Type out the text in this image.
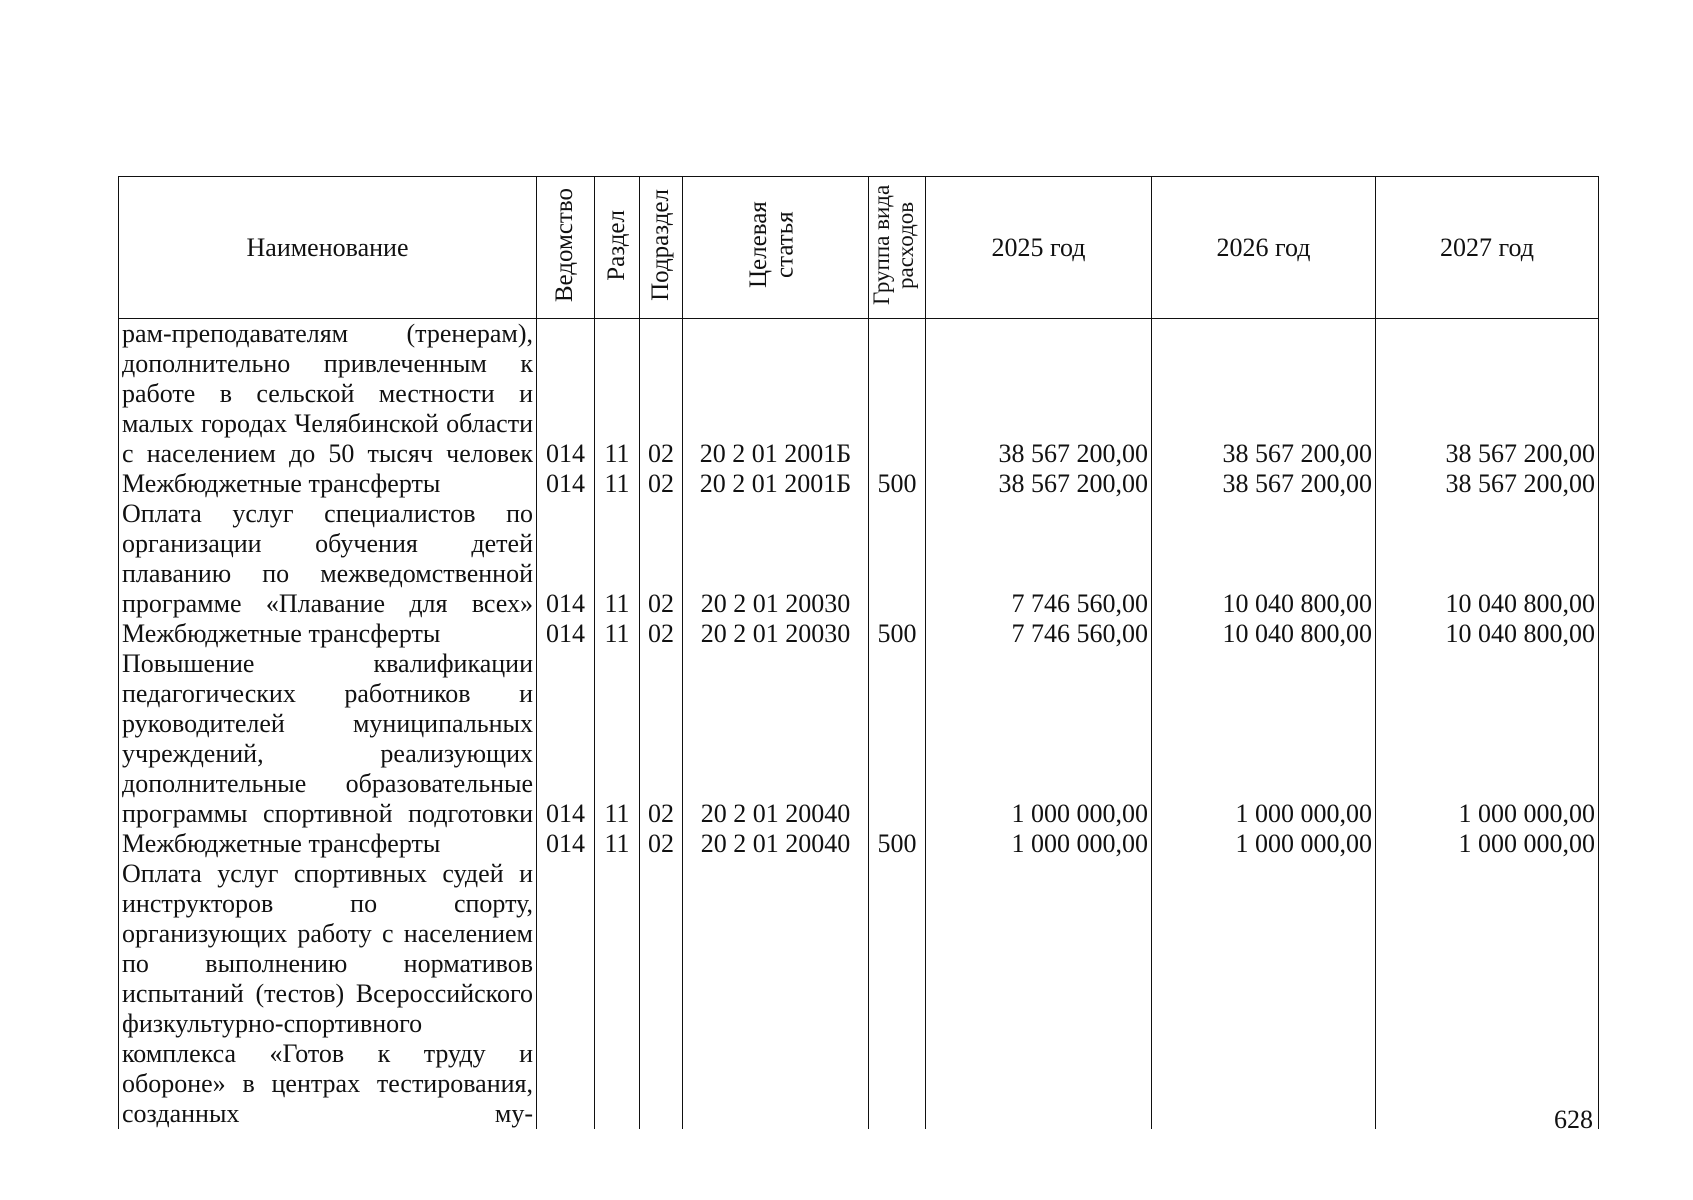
Наименование	Ведомство	Раздел	Подраздел	Целевая статья	Группа вида расходов	2025 год	2026 год	2027 год
рам-преподавателям (тренерам), дополнительно привлеченным к работе в сельской местности и малых городах Челябинской области с населением до 50 тысяч человек	014	11	02	20 2 01 2001Б		38 567 200,00	38 567 200,00	38 567 200,00
Межбюджетные трансферты	014	11	02	20 2 01 2001Б	500	38 567 200,00	38 567 200,00	38 567 200,00
Оплата услуг специалистов по организации обучения детей плаванию по межведомственной программе «Плавание для всех»	014	11	02	20 2 01 20030		7 746 560,00	10 040 800,00	10 040 800,00
Межбюджетные трансферты	014	11	02	20 2 01 20030	500	7 746 560,00	10 040 800,00	10 040 800,00
Повышение квалификации педагогических работников и руководителей муниципальных учреждений, реализующих дополнительные образовательные программы спортивной подготовки	014	11	02	20 2 01 20040		1 000 000,00	1 000 000,00	1 000 000,00
Межбюджетные трансферты	014	11	02	20 2 01 20040	500	1 000 000,00	1 000 000,00	1 000 000,00
Оплата услуг спортивных судей и инструкторов по спорту, организующих работу с населением по выполнению нормативов испытаний (тестов) Всероссийского физкультурно-спортивного комплекса «Готов к труду и обороне» в центрах тестирования, созданных му-									628
